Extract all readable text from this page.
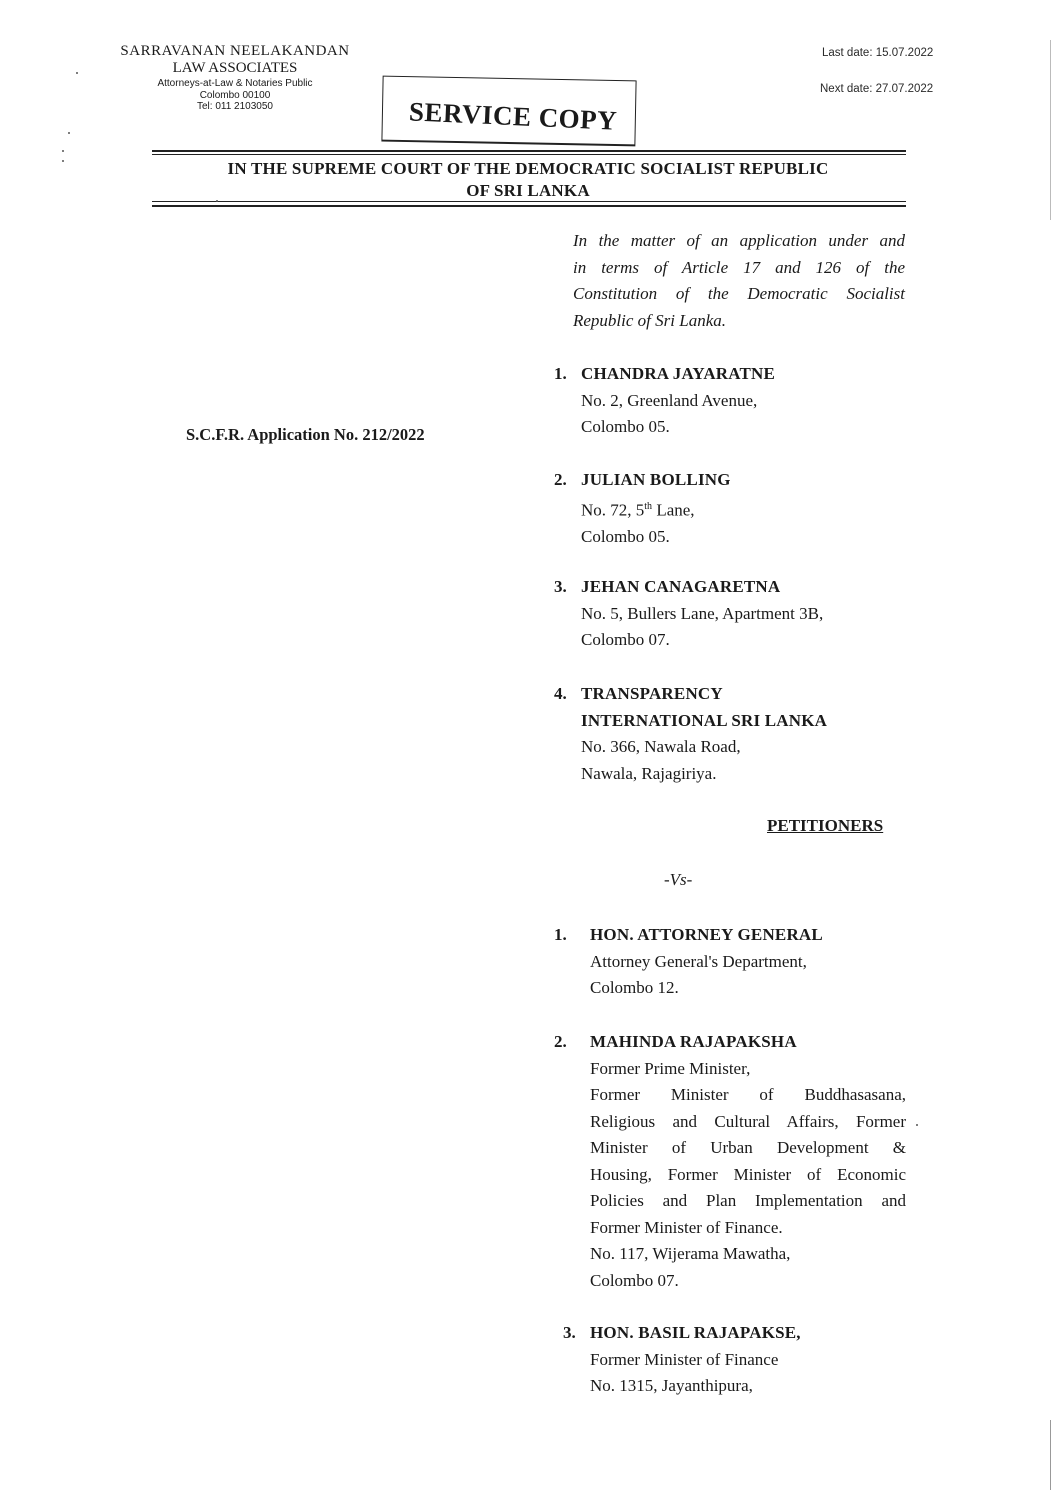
SARRAVANAN NEELAKANDAN
LAW ASSOCIATES
Attorneys-at-Law & Notaries Public
Colombo 00100
Tel: 011 2103050
Last date: 15.07.2022
Next date: 27.07.2022
SERVICE COPY
IN THE SUPREME COURT OF THE DEMOCRATIC SOCIALIST REPUBLIC
OF SRI LANKA
In the matter of an application under and
in terms of Article 17 and 126 of the
Constitution of the Democratic Socialist
Republic of Sri Lanka.
S.C.F.R. Application No. 212/2022
1. CHANDRA JAYARATNE
No. 2, Greenland Avenue,
Colombo 05.
2. JULIAN BOLLING
No. 72, 5th Lane,
Colombo 05.
3. JEHAN CANAGARETNA
No. 5, Bullers Lane, Apartment 3B,
Colombo 07.
4. TRANSPARENCY
INTERNATIONAL SRI LANKA
No. 366, Nawala Road,
Nawala, Rajagiriya.
PETITIONERS
-Vs-
1. HON. ATTORNEY GENERAL
Attorney General's Department,
Colombo 12.
2. MAHINDA RAJAPAKSHA
Former Prime Minister,
Former Minister of Buddhasasana,
Religious and Cultural Affairs, Former
Minister of Urban Development &
Housing, Former Minister of Economic
Policies and Plan Implementation and
Former Minister of Finance.
No. 117, Wijerama Mawatha,
Colombo 07.
3. HON. BASIL RAJAPAKSE,
Former Minister of Finance
No. 1315, Jayanthipura,
